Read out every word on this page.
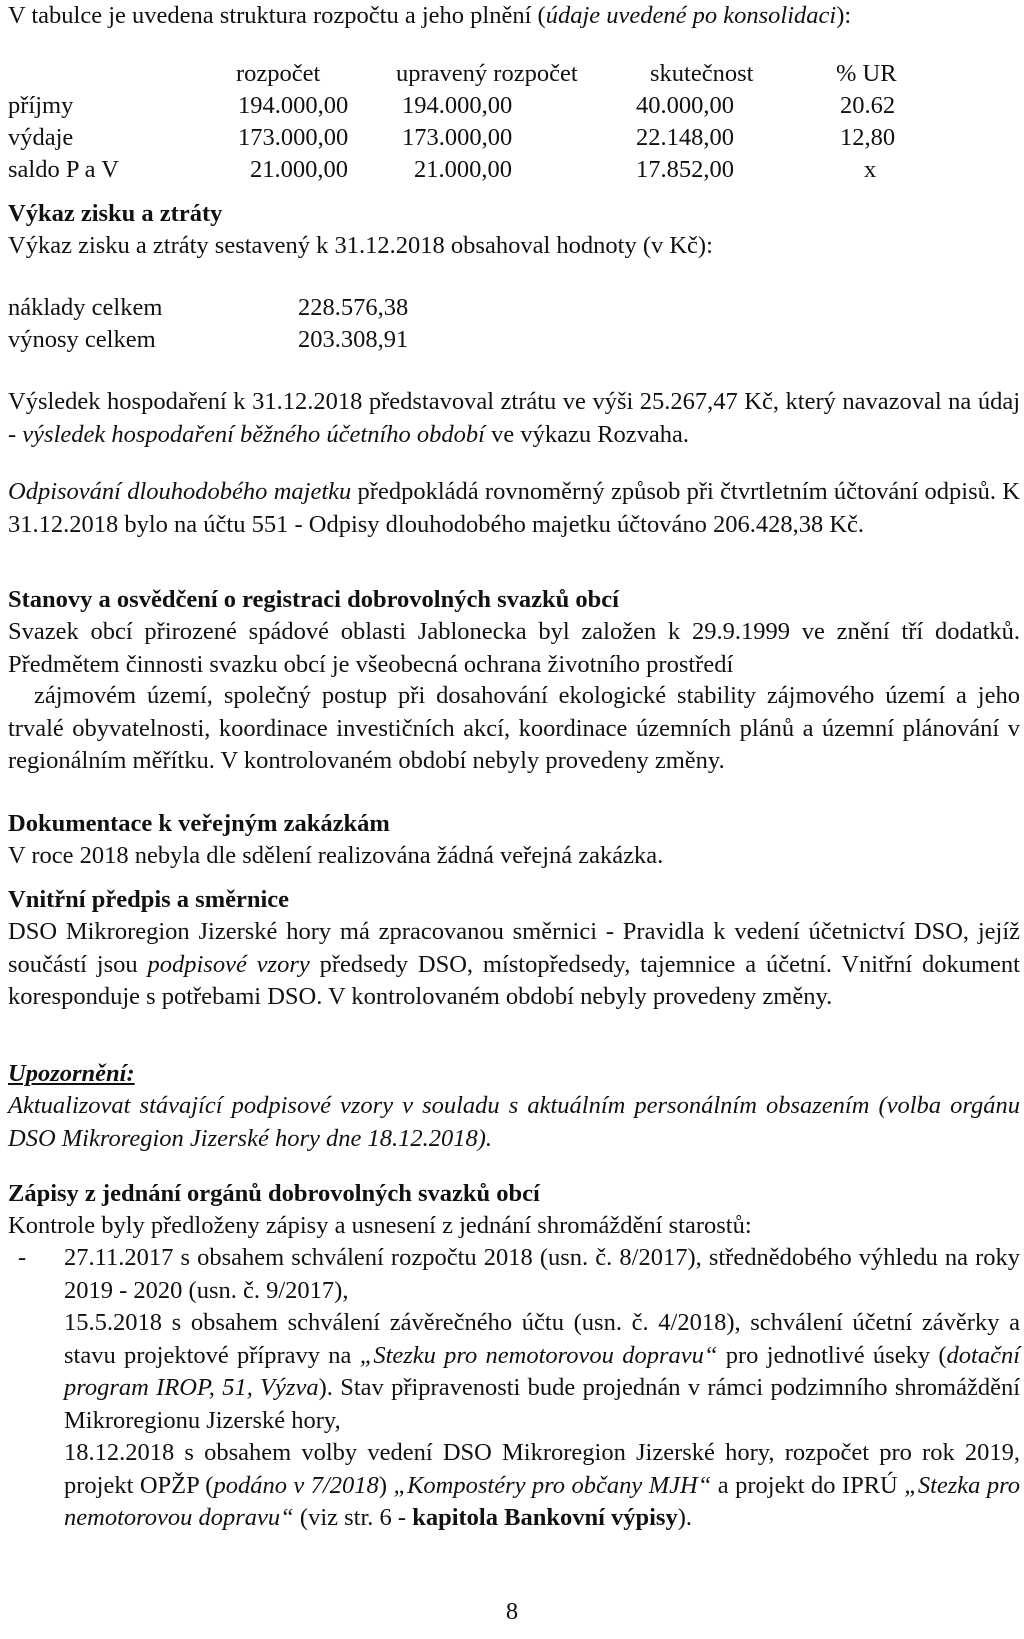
V tabulce je uvedena struktura rozpočtu a jeho plnění (údaje uvedené po konsolidaci):
rozpočet	upravený rozpočet	skutečnost	% UR
příjmy	194.000,00 194.000,00	40.000,00	20.62
výdaje	173.000,00 173.000,00	22.148,00	12,80
saldo P a V	21.000,00	21.000,00	17.852,00	x
Výkaz zisku a ztráty
Výkaz zisku a ztráty sestavený k 31.12.2018 obsahoval hodnoty (v Kč):
náklady celkem	228.576,38
výnosy celkem	203.308,91
Výsledek hospodaření k 31.12.2018 představoval ztrátu ve výši 25.267,47 Kč, který navazoval na údaj - výsledek hospodaření běžného účetního období ve výkazu Rozvaha.
Odpisování dlouhodobého majetku předpokládá rovnoměrný způsob při čtvrtletním účtování odpisů. K 31.12.2018 bylo na účtu 551 - Odpisy dlouhodobého majetku účtováno 206.428,38 Kč.
Stanovy a osvědčení o registraci dobrovolných svazků obcí
Svazek obcí přirozené spádové oblasti Jablonecka byl založen k 29.9.1999 ve znění tří dodatků. Předmětem činnosti svazku obcí je všeobecná ochrana životního prostředí
zájmovém území, společný postup při dosahování ekologické stability zájmového území a jeho trvalé obyvatelnosti, koordinace investičních akcí, koordinace územních plánů a územní plánování v regionálním měřítku. V kontrolovaném období nebyly provedeny změny.
Dokumentace k veřejným zakázkám
V roce 2018 nebyla dle sdělení realizována žádná veřejná zakázka.
Vnitřní předpis a směrnice
DSO Mikroregion Jizerské hory má zpracovanou směrnici - Pravidla k vedení účetnictví DSO, jejíž součástí jsou podpisové vzory předsedy DSO, místopředsedy, tajemnice a účetní. Vnitřní dokument koresponduje s potřebami DSO. V kontrolovaném období nebyly provedeny změny.
Upozornění:
Aktualizovat stávající podpisové vzory v souladu s aktuálním personálním obsazením (volba orgánu DSO Mikroregion Jizerské hory dne 18.12.2018).
Zápisy z jednání orgánů dobrovolných svazků obcí
Kontrole byly předloženy zápisy a usnesení z jednání shromáždění starostů:
- 27.11.2017 s obsahem schválení rozpočtu 2018 (usn. č. 8/2017), střednědobého výhledu na roky 2019 - 2020 (usn. č. 9/2017),
15.5.2018 s obsahem schválení závěrečného účtu (usn. č. 4/2018), schválení účetní závěrky a stavu projektové přípravy na „Stezku pro nemotorovou dopravu“ pro jednotlivé úseky (dotační program IROP, 51, Výzva). Stav připravenosti bude projednán v rámci podzimního shromáždění Mikroregionu Jizerské hory,
18.12.2018 s obsahem volby vedení DSO Mikroregion Jizerské hory, rozpočet pro rok 2019, projekt OPŽP (podáno v 7/2018) „Kompostéry pro občany MJH“ a projekt do IPRÚ „Stezka pro nemotorovou dopravu“ (viz str. 6 - kapitola Bankovní výpisy).
8
